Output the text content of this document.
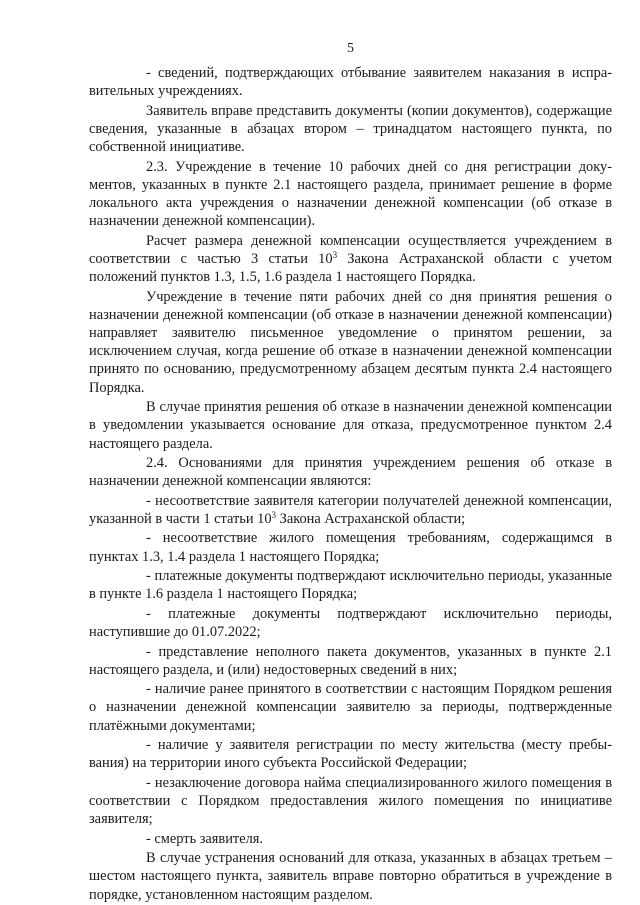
5

- сведений, подтверждающих отбывание заявителем наказания в исправительных учреждениях.

Заявитель вправе представить документы (копии документов), содержащие сведения, указанные в абзацах втором – тринадцатом настоящего пункта, по собственной инициативе.

2.3. Учреждение в течение 10 рабочих дней со дня регистрации документов, указанных в пункте 2.1 настоящего раздела, принимает решение в форме локального акта учреждения о назначении денежной компенсации (об отказе в назначении денежной компенсации).

Расчет размера денежной компенсации осуществляется учреждением в соответствии с частью 3 статьи $10^3$ Закона Астраханской области с учетом положений пунктов 1.3, 1.5, 1.6 раздела 1 настоящего Порядка.

Учреждение в течение пяти рабочих дней со дня принятия решения о назначении денежной компенсации (об отказе в назначении денежной компенсации) направляет заявителю письменное уведомление о принятом решении, за исключением случая, когда решение об отказе в назначении денежной компенсации принято по основанию, предусмотренному абзацем десятым пункта 2.4 настоящего Порядка.

В случае принятия решения об отказе в назначении денежной компенсации в уведомлении указывается основание для отказа, предусмотренное пунктом 2.4 настоящего раздела.

2.4. Основаниями для принятия учреждением решения об отказе в назначении денежной компенсации являются:

- несоответствие заявителя категории получателей денежной компенсации, указанной в части 1 статьи $10^3$ Закона Астраханской области;

- несоответствие жилого помещения требованиям, содержащимся в пунктах 1.3, 1.4 раздела 1 настоящего Порядка;

- платежные документы подтверждают исключительно периоды, указанные в пункте 1.6 раздела 1 настоящего Порядка;

- платежные документы подтверждают исключительно периоды, наступившие до 01.07.2022;

- представление неполного пакета документов, указанных в пункте 2.1 настоящего раздела, и (или) недостоверных сведений в них;

- наличие ранее принятого в соответствии с настоящим Порядком решения о назначении денежной компенсации заявителю за периоды, подтвержденные платёжными документами;

- наличие у заявителя регистрации по месту жительства (месту пребывания) на территории иного субъекта Российской Федерации;

- незаключение договора найма специализированного жилого помещения в соответствии с Порядком предоставления жилого помещения по инициативе заявителя;

- смерть заявителя.

В случае устранения оснований для отказа, указанных в абзацах третьем – шестом настоящего пункта, заявитель вправе повторно обратиться в учреждение в порядке, установленном настоящим разделом.
